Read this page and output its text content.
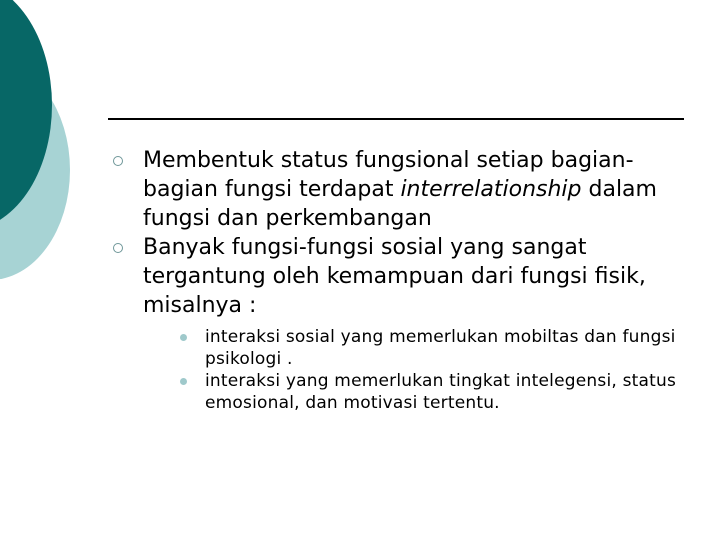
Membentuk status fungsional setiap bagian-bagian fungsi terdapat interrelationship dalam fungsi dan perkembangan
Banyak fungsi-fungsi sosial yang sangat tergantung oleh kemampuan dari fungsi fisik, misalnya :
interaksi sosial yang memerlukan mobiltas dan fungsi psikologi .
interaksi yang memerlukan tingkat intelegensi, status emosional, dan motivasi tertentu.
